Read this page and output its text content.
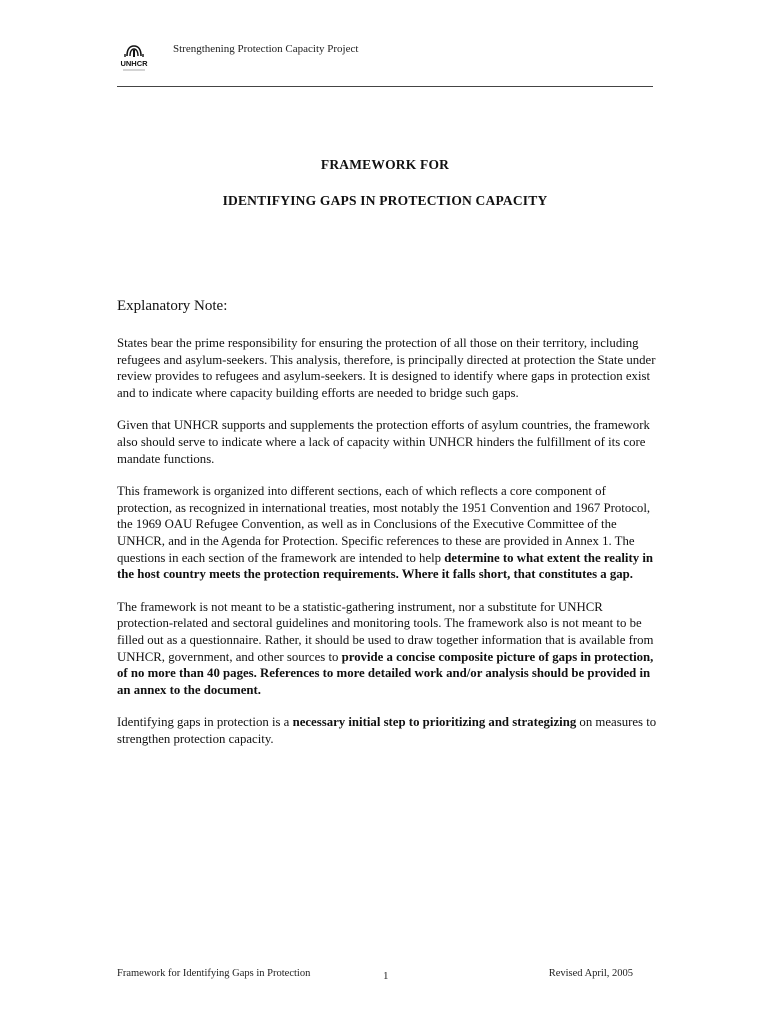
UNHCR
Strengthening Protection Capacity Project
FRAMEWORK FOR
IDENTIFYING GAPS IN PROTECTION CAPACITY
Explanatory Note:

States bear the prime responsibility for ensuring the protection of all those on their territory, including refugees and asylum-seekers. This analysis, therefore, is principally directed at protection the State under review provides to refugees and asylum-seekers. It is designed to identify where gaps in protection exist and to indicate where capacity building efforts are needed to bridge such gaps.

Given that UNHCR supports and supplements the protection efforts of asylum countries, the framework also should serve to indicate where a lack of capacity within UNHCR hinders the fulfillment of its core mandate functions.

This framework is organized into different sections, each of which reflects a core component of protection, as recognized in international treaties, most notably the 1951 Convention and 1967 Protocol, the 1969 OAU Refugee Convention, as well as in Conclusions of the Executive Committee of the UNHCR, and in the Agenda for Protection. Specific references to these are provided in Annex 1. The questions in each section of the framework are intended to help determine to what extent the reality in the host country meets the protection requirements. Where it falls short, that constitutes a gap.

The framework is not meant to be a statistic-gathering instrument, nor a substitute for UNHCR protection-related and sectoral guidelines and monitoring tools. The framework also is not meant to be filled out as a questionnaire. Rather, it should be used to draw together information that is available from UNHCR, government, and other sources to provide a concise composite picture of gaps in protection, of no more than 40 pages. References to more detailed work and/or analysis should be provided in an annex to the document.

Identifying gaps in protection is a necessary initial step to prioritizing and strategizing on measures to strengthen protection capacity.

Framework for Identifying Gaps in Protection	1	Revised April, 2005
